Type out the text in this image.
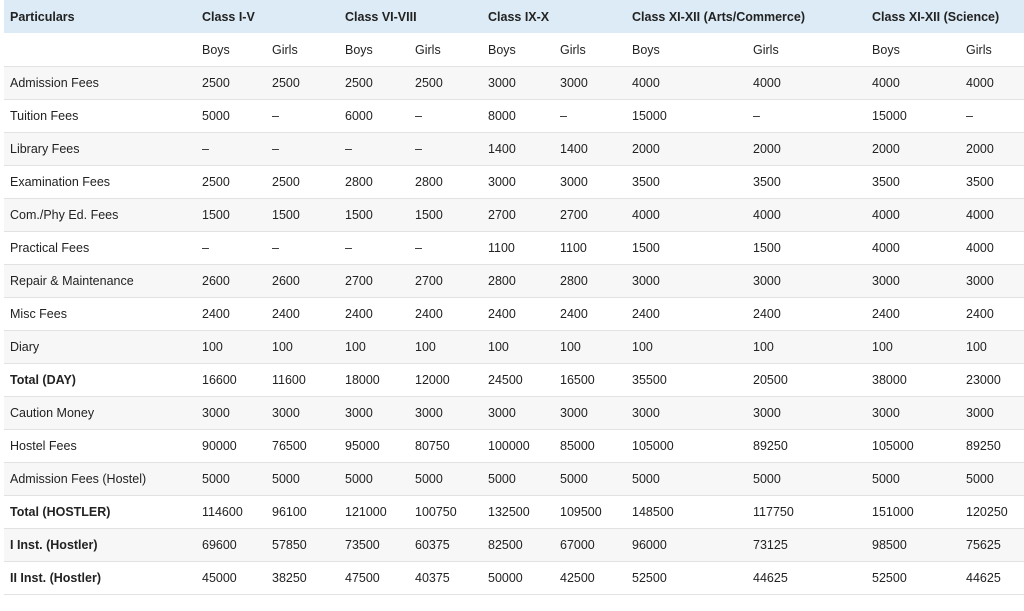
Particulars	Class I-V		Class VI-VIII		Class IX-X		Class XI-XII (Arts/Commerce)		Class XI-XII (Science)	
	Boys	Girls	Boys	Girls	Boys	Girls	Boys	Girls	Boys	Girls
Admission Fees	2500	2500	2500	2500	3000	3000	4000	4000	4000	4000
Tuition Fees	5000	–	6000	–	8000	–	15000	–	15000	–
Library Fees	–	–	–	–	1400	1400	2000	2000	2000	2000
Examination Fees	2500	2500	2800	2800	3000	3000	3500	3500	3500	3500
Com./Phy Ed. Fees	1500	1500	1500	1500	2700	2700	4000	4000	4000	4000
Practical Fees	–	–	–	–	1100	1100	1500	1500	4000	4000
Repair & Maintenance	2600	2600	2700	2700	2800	2800	3000	3000	3000	3000
Misc Fees	2400	2400	2400	2400	2400	2400	2400	2400	2400	2400
Diary	100	100	100	100	100	100	100	100	100	100
Total (DAY)	16600	11600	18000	12000	24500	16500	35500	20500	38000	23000
Caution Money	3000	3000	3000	3000	3000	3000	3000	3000	3000	3000
Hostel Fees	90000	76500	95000	80750	100000	85000	105000	89250	105000	89250
Admission Fees (Hostel)	5000	5000	5000	5000	5000	5000	5000	5000	5000	5000
Total (HOSTLER)	114600	96100	121000	100750	132500	109500	148500	117750	151000	120250
I Inst. (Hostler)	69600	57850	73500	60375	82500	67000	96000	73125	98500	75625
II Inst. (Hostler)	45000	38250	47500	40375	50000	42500	52500	44625	52500	44625
